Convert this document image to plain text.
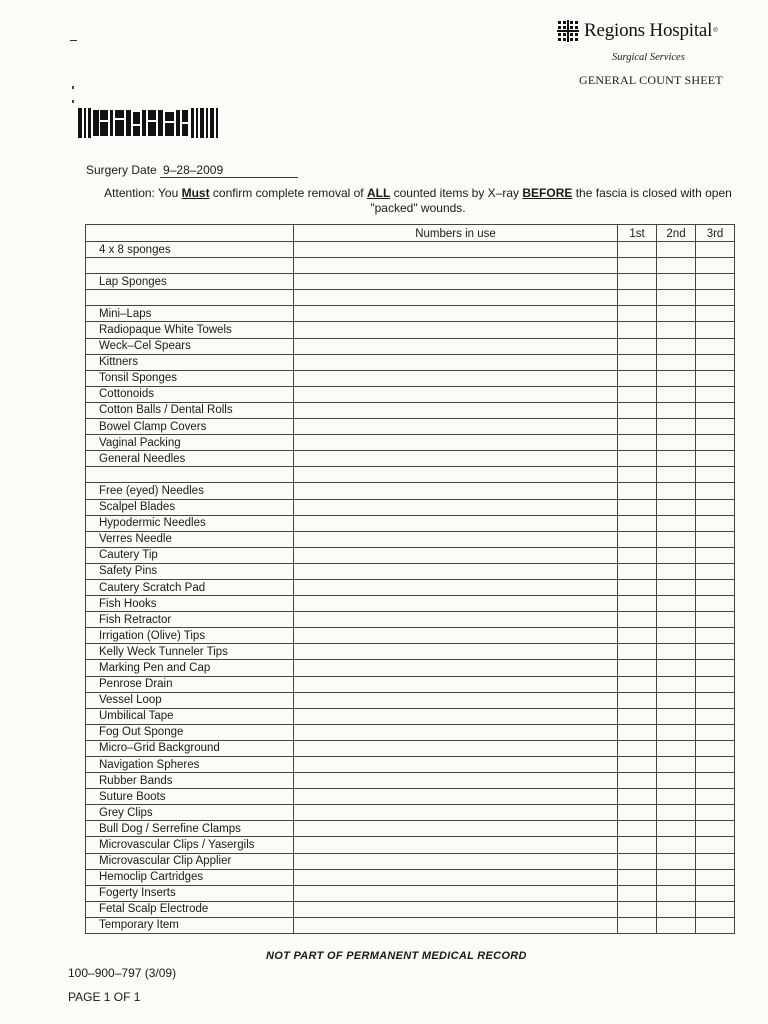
Regions Hospital ®
Surgical Services
GENERAL COUNT SHEET
Surgery Date 9–28–2009
Attention: You Must confirm complete removal of ALL counted items by X–ray BEFORE the fascia is closed with open "packed" wounds.
	Numbers in use	1st	2nd	3rd
4 x 8 sponges				

Lap Sponges				

Mini–Laps				
Radiopaque White Towels				
Weck–Cel Spears				
Kittners				
Tonsil Sponges				
Cottonoids				
Cotton Balls / Dental Rolls				
Bowel Clamp Covers				
Vaginal Packing				
General Needles				

Free (eyed) Needles				
Scalpel Blades				
Hypodermic Needles				
Verres Needle				
Cautery Tip				
Safety Pins				
Cautery Scratch Pad				
Fish Hooks				
Fish Retractor				
Irrigation (Olive) Tips				
Kelly Weck Tunneler Tips				
Marking Pen and Cap				
Penrose Drain				
Vessel Loop				
Umbilical Tape				
Fog Out Sponge				
Micro–Grid Background				
Navigation Spheres				
Rubber Bands				
Suture Boots				
Grey Clips				
Bull Dog / Serrefine Clamps				
Microvascular Clips / Yasergils				
Microvascular Clip Applier				
Hemoclip Cartridges				
Fogerty Inserts				
Fetal Scalp Electrode				
Temporary Item				
NOT PART OF PERMANENT MEDICAL RECORD
100–900–797 (3/09)
PAGE 1 OF 1
